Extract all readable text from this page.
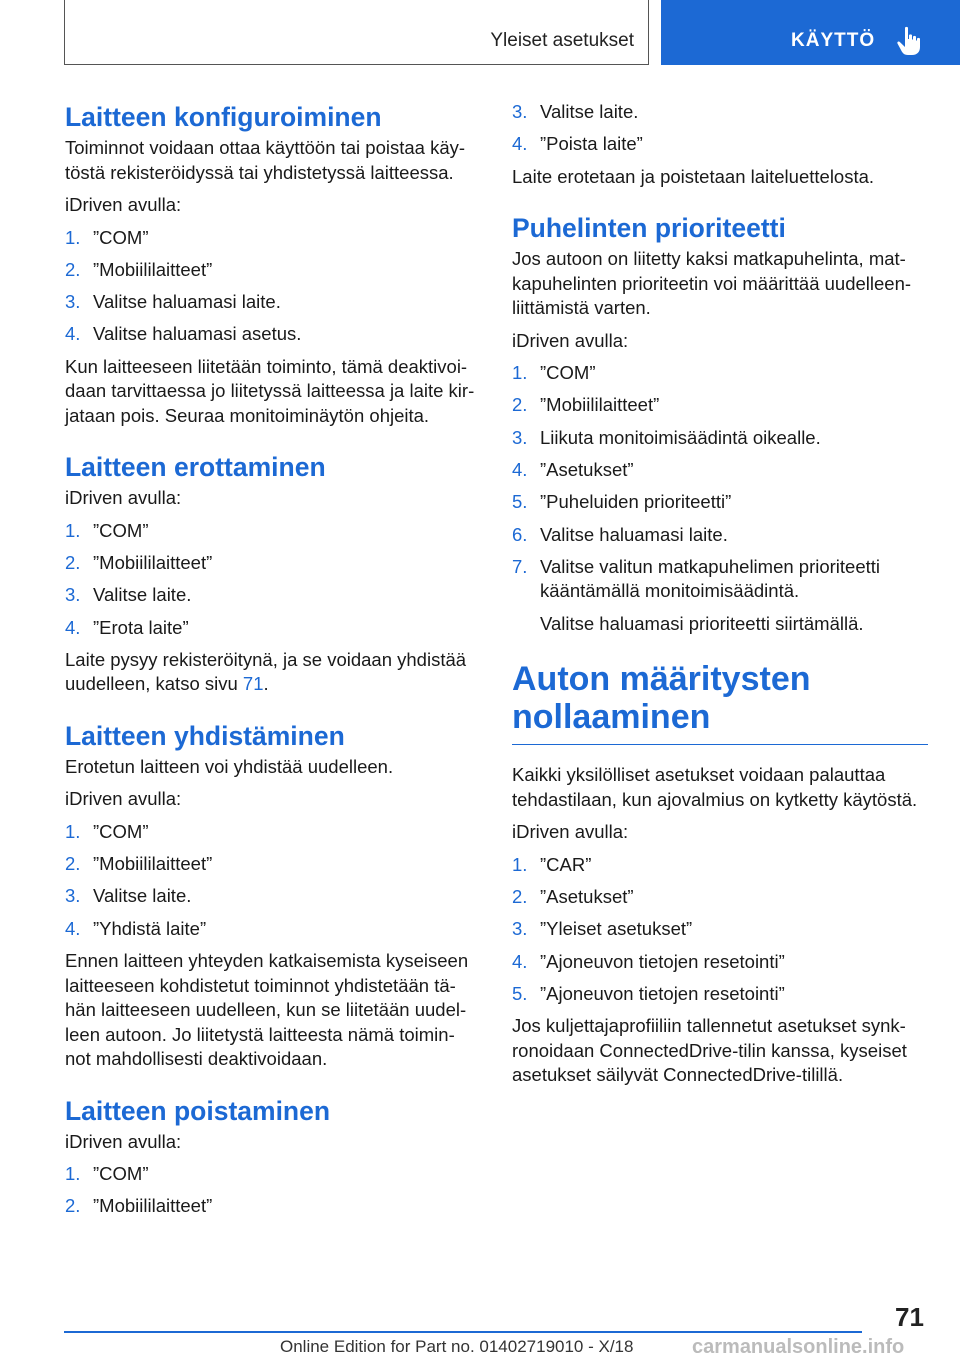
Yleiset asetukset	KÄYTTÖ
Laitteen konfiguroiminen

Toiminnot voidaan ottaa käyttöön tai poistaa käy‐töstä rekisteröidyssä tai yhdistetyssä laitteessa.

iDriven avulla:

1. ”COM”
2. ”Mobiililaitteet”
3. Valitse haluamasi laite.
4. Valitse haluamasi asetus.

Kun laitteeseen liitetään toiminto, tämä deaktivoi‐daan tarvittaessa jo liitetyssä laitteessa ja laite kir‐jataan pois. Seuraa monitoiminäytön ohjeita.

Laitteen erottaminen

iDriven avulla:

1. ”COM”
2. ”Mobiililaitteet”
3. Valitse laite.
4. ”Erota laite”

Laite pysyy rekisteröitynä, ja se voidaan yhdistää uudelleen, katso sivu 71.

Laitteen yhdistäminen

Erotetun laitteen voi yhdistää uudelleen.

iDriven avulla:

1. ”COM”
2. ”Mobiililaitteet”
3. Valitse laite.
4. ”Yhdistä laite”

Ennen laitteen yhteyden katkaisemista kyseiseen laitteeseen kohdistetut toiminnot yhdistetään tä‐hän laitteeseen uudelleen, kun se liitetään uudel‐leen autoon. Jo liitetystä laitteesta nämä toimin‐not mahdollisesti deaktivoidaan.

Laitteen poistaminen

iDriven avulla:

1. ”COM”
2. ”Mobiililaitteet”
3. Valitse laite.
4. ”Poista laite”

Laite erotetaan ja poistetaan laiteluettelosta.

Puhelinten prioriteetti

Jos autoon on liitetty kaksi matkapuhelinta, mat‐kapuhelinten prioriteetin voi määrittää uudelleen‐liittämistä varten.

iDriven avulla:

1. ”COM”
2. ”Mobiililaitteet”
3. Liikuta monitoimisäädintä oikealle.
4. ”Asetukset”
5. ”Puheluiden prioriteetti”
6. Valitse haluamasi laite.
7. Valitse valitun matkapuhelimen prioriteetti kääntämällä monitoimisäädintä.

Valitse haluamasi prioriteetti siirtämällä.

Auton määritysten nollaaminen

Kaikki yksilölliset asetukset voidaan palauttaa tehdastilaan, kun ajovalmius on kytketty käytöstä.

iDriven avulla:

1. ”CAR”
2. ”Asetukset”
3. ”Yleiset asetukset”
4. ”Ajoneuvon tietojen resetointi”
5. ”Ajoneuvon tietojen resetointi”

Jos kuljettajaprofiiliin tallennetut asetukset synk‐ronoidaan ConnectedDrive-tilin kanssa, kyseiset asetukset säilyvät ConnectedDrive-tilillä.

71
Online Edition for Part no. 01402719010 - X/18	carmanualsonline.info
